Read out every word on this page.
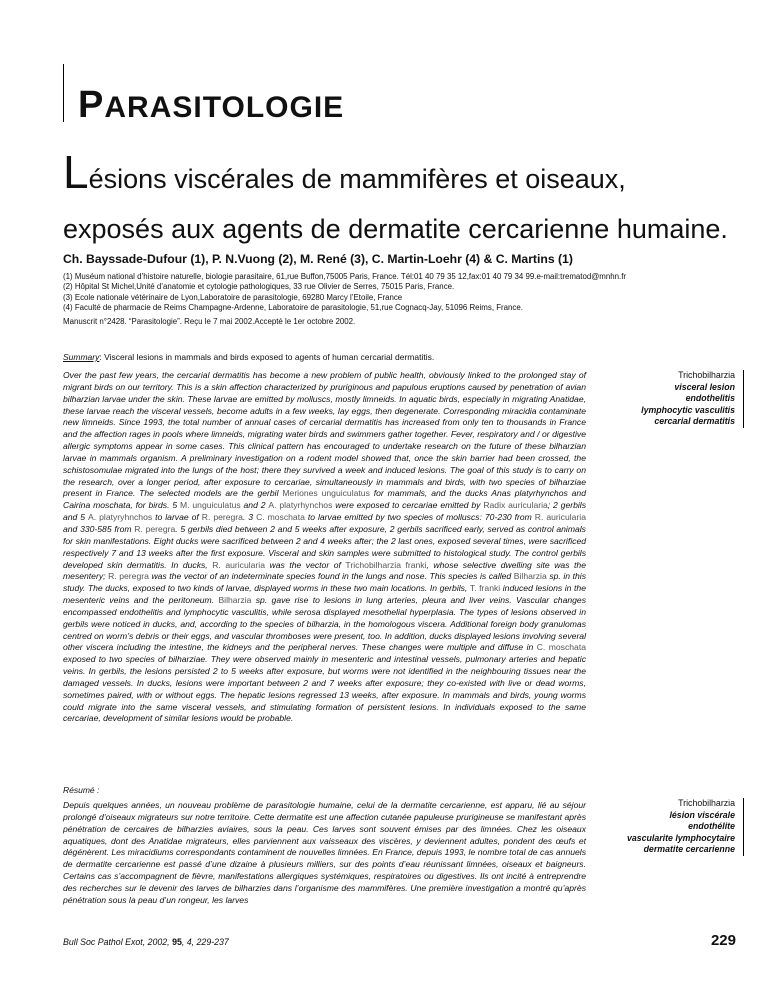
PARASITOLOGIE
Lésions viscérales de mammifères et oiseaux,
exposés aux agents de dermatite cercarienne humaine.
Ch. Bayssade-Dufour (1), P. N.Vuong (2), M. René (3), C. Martin-Loehr (4) & C. Martins (1)
(1) Muséum national d’histoire naturelle, biologie parasitaire, 61,rue Buffon,75005 Paris, France. Tél:01 40 79 35 12,fax:01 40 79 34 99.e-mail:trematod@mnhn.fr
(2) Hôpital St Michel,Unité d’anatomie et cytologie pathologiques, 33 rue Olivier de Serres, 75015 Paris, France.
(3) Ecole nationale vétérinaire de Lyon,Laboratoire de parasitologie, 69280 Marcy l’Etoile, France
(4) Faculté de pharmacie de Reims Champagne-Ardenne, Laboratoire de parasitologie, 51,rue Cognacq-Jay, 51096 Reims, France.
Manuscrit n°2428. “Parasitologie”. Reçu le 7 mai 2002.Accepté le 1er octobre 2002.
Summary: Visceral lesions in mammals and birds exposed to agents of human cercarial dermatitis.

Over the past few years, the cercarial dermatitis has become a new problem of public health, obviously linked to the prolonged stay of migrant birds on our territory. This is a skin affection characterized by pruriginous and papulous eruptions caused by penetration of avian bilharzian larvae under the skin. These larvae are emitted by molluscs, mostly limneids. In aquatic birds, especially in migrating Anatidae, these larvae reach the visceral vessels, become adults in a few weeks, lay eggs, then degenerate. Corresponding miracidia contaminate new limneids. Since 1993, the total number of annual cases of cercarial dermatitis has increased from only ten to thousands in France and the affection rages in pools where limneids, migrating water birds and swimmers gather together. Fever, respiratory and / or digestive allergic symptoms appear in some cases. This clinical pattern has encouraged to undertake research on the future of these bilharzian larvae in mammals organism. A preliminary investigation on a rodent model showed that, once the skin barrier had been crossed, the schistosomulae migrated into the lungs of the host; there they survived a week and induced lesions. The goal of this study is to carry on the research, over a longer period, after exposure to cercariae, simultaneously in mammals and birds, with two species of bilharziae present in France. The selected models are the gerbil Meriones unguiculatus for mammals, and the ducks Anas platyrhynchos and Cairina moschata, for birds. 5 M. unguiculatus and 2 A. platyrhynchos were exposed to cercariae emitted by Radix auricularia; 2 gerbils and 5 A. platyryhnchos to larvae of R. peregra. 3 C. moschata to larvae emitted by two species of molluscs: 70-230 from R. auricularia and 330-585 from R. peregra. 5 gerbils died between 2 and 5 weeks after exposure, 2 gerbils sacrificed early, served as control animals for skin manifestations. Eight ducks were sacrificed between 2 and 4 weeks after; the 2 last ones, exposed several times, were sacrificed respectively 7 and 13 weeks after the first exposure. Visceral and skin samples were submitted to histological study. The control gerbils developed skin dermatitis. In ducks, R. auricularia was the vector of Trichobilharzia franki, whose selective dwelling site was the mesentery; R. peregra was the vector of an indeterminate species found in the lungs and nose. This species is called Bilharzia sp. in this study. The ducks, exposed to two kinds of larvae, displayed worms in these two main locations. In gerbils, T. franki induced lesions in the mesenteric veins and the peritoneum. Bilharzia sp. gave rise to lesions in lung arteries, pleura and liver veins. Vascular changes encompassed endothelitis and lymphocytic vasculitis, while serosa displayed mesothelial hyperplasia. The types of lesions observed in gerbils were noticed in ducks, and, according to the species of bilharzia, in the homologous viscera. Additional foreign body granulomas centred on worm’s debris or their eggs, and vascular thromboses were present, too. In addition, ducks displayed lesions involving several other viscera including the intestine, the kidneys and the peripheral nerves. These changes were multiple and diffuse in C. moschata exposed to two species of bilharziae. They were observed mainly in mesenteric and intestinal vessels, pulmonary arteries and hepatic veins. In gerbils, the lesions persisted 2 to 5 weeks after exposure, but worms were not identified in the neighbouring tissues near the damaged vessels. In ducks, lesions were important between 2 and 7 weeks after exposure; they co-existed with live or dead worms, sometimes paired, with or without eggs. The hepatic lesions regressed 13 weeks, after exposure. In mammals and birds, young worms could migrate into the same visceral vessels, and stimulating formation of persistent lesions. In individuals exposed to the same cercariae, development of similar lesions would be probable.

Trichobilharzia
visceral lesion
endothelitis
lymphocytic vasculitis
cercarial dermatitis
Résumé :

Depuis quelques années, un nouveau problème de parasitologie humaine, celui de la dermatite cercarienne, est apparu, lié au séjour prolongé d’oiseaux migrateurs sur notre territoire. Cette dermatite est une affection cutanée papuleuse prurigineuse se manifestant après pénétration de cercaires de bilharzies aviaires, sous la peau. Ces larves sont souvent émises par des limnées. Chez les oiseaux aquatiques, dont des Anatidae migrateurs, elles parviennent aux vaisseaux des viscères, y deviennent adultes, pondent des œufs et dégénèrent. Les miracidiums correspondants contaminent de nouvelles limnées. En France, depuis 1993, le nombre total de cas annuels de dermatite cercarienne est passé d’une dizaine à plusieurs milliers, sur des points d’eau réunissant limnées, oiseaux et baigneurs. Certains cas s’accompagnent de fièvre, manifestations allergiques systémiques, respiratoires ou digestives. Ils ont incité à entreprendre des recherches sur le devenir des larves de bilharzies dans l’organisme des mammifères. Une première investigation a montré qu’après pénétration sous la peau d’un rongeur, les larves

Trichobilharzia
lésion viscérale
endothélite
vascularite lymphocytaire
dermatite cercarienne
Bull Soc Pathol Exot, 2002, 95, 4, 229-237	229
